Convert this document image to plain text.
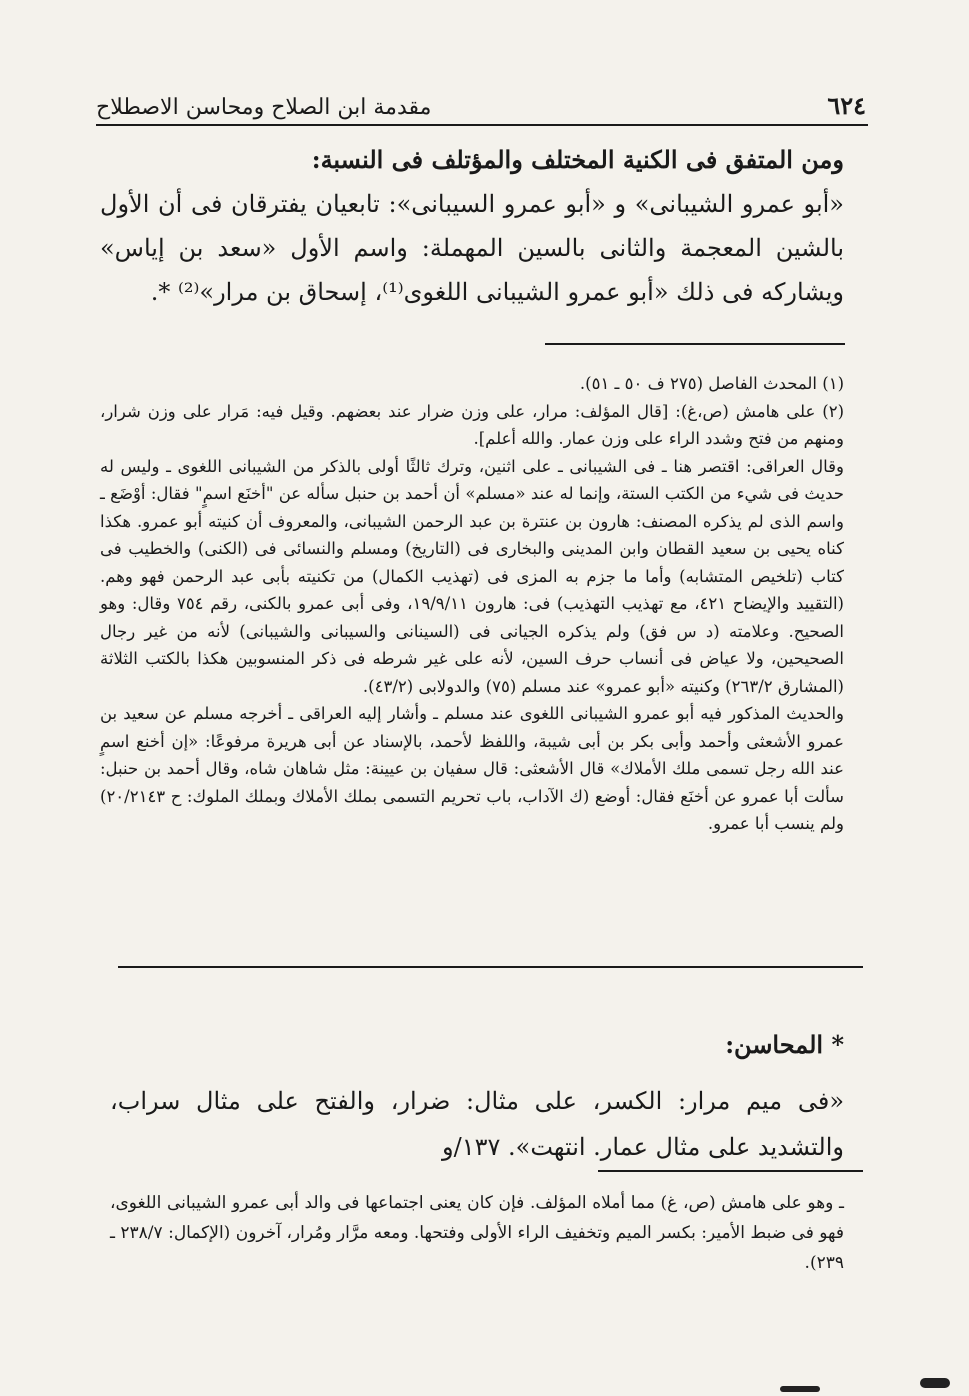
٦٢٤
مقدمة ابن الصلاح ومحاسن الاصطلاح

ومن المتفق فى الكنية المختلف والمؤتلف فى النسبة:

«أبو عمرو الشيبانى» و «أبو عمرو السيبانى»: تابعيان يفترقان فى أن الأول بالشين المعجمة والثانى بالسين المهملة: واسم الأول «سعد بن إياس» ويشاركه فى ذلك «أبو عمرو الشيبانى اللغوى⁽¹⁾، إسحاق بن مرار»⁽²⁾ *.

(١) المحدث الفاصل (٢٧٥ ف ٥٠ ـ ٥١).

(٢) على هامش (ص،غ): [قال المؤلف: مرار، على وزن ضرار عند بعضهم. وقيل فيه: مَرار على وزن شرار، ومنهم من فتح وشدد الراء على وزن عمار. والله أعلم].

وقال العراقى: اقتصر هنا ـ فى الشيبانى ـ على اثنين، وترك ثالثًا أولى بالذكر من الشيبانى اللغوى ـ وليس له حديث فى شيء من الكتب الستة، وإنما له عند «مسلم» أن أحمد بن حنبل سأله عن "أخنَع اسمٍ" فقال: أوْضَع ـ واسم الذى لم يذكره المصنف: هارون بن عنترة بن عبد الرحمن الشيبانى، والمعروف أن كنيته أبو عمرو. هكذا كناه يحيى بن سعيد القطان وابن المدينى والبخارى فى (التاريخ) ومسلم والنسائى فى (الكنى) والخطيب فى كتاب (تلخيص المتشابه) وأما ما جزم به المزى فى (تهذيب الكمال) من تكنيته بأبى عبد الرحمن فهو وهم. (التقييد والإيضاح ٤٢١، مع تهذيب التهذيب) فى: هارون ١٩/٩/١١، وفى أبى عمرو بالكنى، رقم ٧٥٤ وقال: وهو الصحيح. وعلامته (د س فق) ولم يذكره الجيانى فى (السينانى والسيبانى والشيبانى) لأنه من غير رجال الصحيحين، ولا عياض فى أنساب حرف السين، لأنه على غير شرطه فى ذكر المنسوبين هكذا بالكتب الثلاثة (المشارق ٢٦٣/٢) وكنيته «أبو عمرو» عند مسلم (٧٥) والدولابى (٤٣/٢).

والحديث المذكور فيه أبو عمرو الشيبانى اللغوى عند مسلم ـ وأشار إليه العراقى ـ أخرجه مسلم عن سعيد بن عمرو الأشعثى وأحمد وأبى بكر بن أبى شيبة، واللفظ لأحمد، بالإسناد عن أبى هريرة مرفوعًا: «إن أخنع اسمٍ عند الله رجل تسمى ملك الأملاك» قال الأشعثى: قال سفيان بن عيينة: مثل شاهان شاه، وقال أحمد بن حنبل: سألت أبا عمرو عن أخنَع فقال: أوضع (ك الآداب، باب تحريم التسمى بملك الأملاك وبملك الملوك: ح ٢٠/٢١٤٣) ولم ينسب أبا عمرو.

* المحاسن:

«فى ميم مرار: الكسر، على مثال: ضرار، والفتح على مثال سراب، والتشديد على مثال عمار. انتهت». ١٣٧/و

ـ وهو على هامش (ص، غ) مما أملاه المؤلف. فإن كان يعنى اجتماعها فى والد أبى عمرو الشيبانى اللغوى، فهو فى ضبط الأمير: بكسر الميم وتخفيف الراء الأولى وفتحها. ومعه مرَّار ومُرار، آخرون (الإكمال: ٢٣٨/٧ ـ ٢٣٩).
